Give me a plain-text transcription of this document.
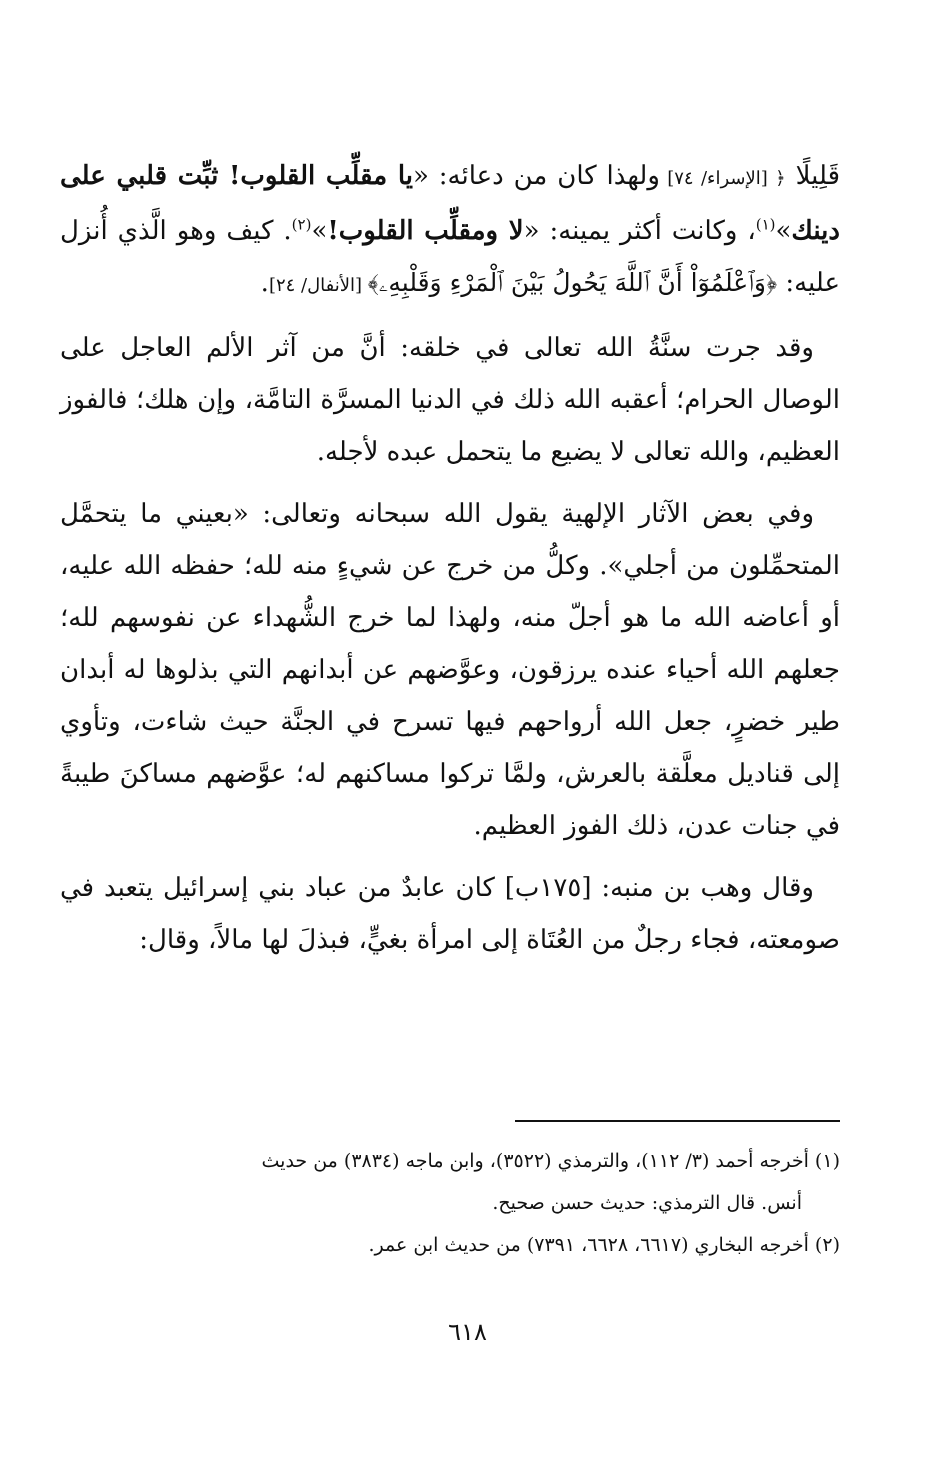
قَلِيلًا ﴿ [الإسراء/ ٧٤] ولهذا كان من دعائه: «يا مقلِّب القلوب! ثبِّت قلبي على دينك»$^{(١)}$، وكانت أكثر يمينه: «لا ومقلِّب القلوب!»$^{(٢)}$. كيف وهو الَّذي أُنزل عليه: ﴿وَٱعْلَمُوٓاْ أَنَّ ٱللَّهَ يَحُولُ بَيْنَ ٱلْمَرْءِ وَقَلْبِهِۦ﴾ [الأنفال/ ٢٤].

وقد جرت سنَّةُ الله تعالى في خلقه: أنَّ من آثر الألم العاجل على الوصال الحرام؛ أعقبه الله ذلك في الدنيا المسرَّة التامَّة، وإن هلك؛ فالفوز العظيم، والله تعالى لا يضيع ما يتحمل عبده لأجله.

وفي بعض الآثار الإلهية يقول الله سبحانه وتعالى: «بعيني ما يتحمَّل المتحمِّلون من أجلي». وكلُّ من خرج عن شيءٍ منه لله؛ حفظه الله عليه، أو أعاضه الله ما هو أجلّ منه، ولهذا لما خرج الشُّهداء عن نفوسهم لله؛ جعلهم الله أحياء عنده يرزقون، وعوَّضهم عن أبدانهم التي بذلوها له أبدان طير خضرٍ، جعل الله أرواحهم فيها تسرح في الجنَّة حيث شاءت، وتأوي إلى قناديل معلَّقة بالعرش، ولمَّا تركوا مساكنهم له؛ عوَّضهم مساكنَ طيبةً في جنات عدن، ذلك الفوز العظيم.

وقال وهب بن منبه: [١٧٥ب] كان عابدٌ من عباد بني إسرائيل يتعبد في صومعته، فجاء رجلٌ من العُتَاة إلى امرأة بغيٍّ، فبذلَ لها مالاً، وقال:

(١) أخرجه أحمد (٣/ ١١٢)، والترمذي (٣٥٢٢)، وابن ماجه (٣٨٣٤) من حديث

أنس. قال الترمذي: حديث حسن صحيح.

(٢) أخرجه البخاري (٦٦١٧، ٦٦٢٨، ٧٣٩١) من حديث ابن عمر.

٦١٨
